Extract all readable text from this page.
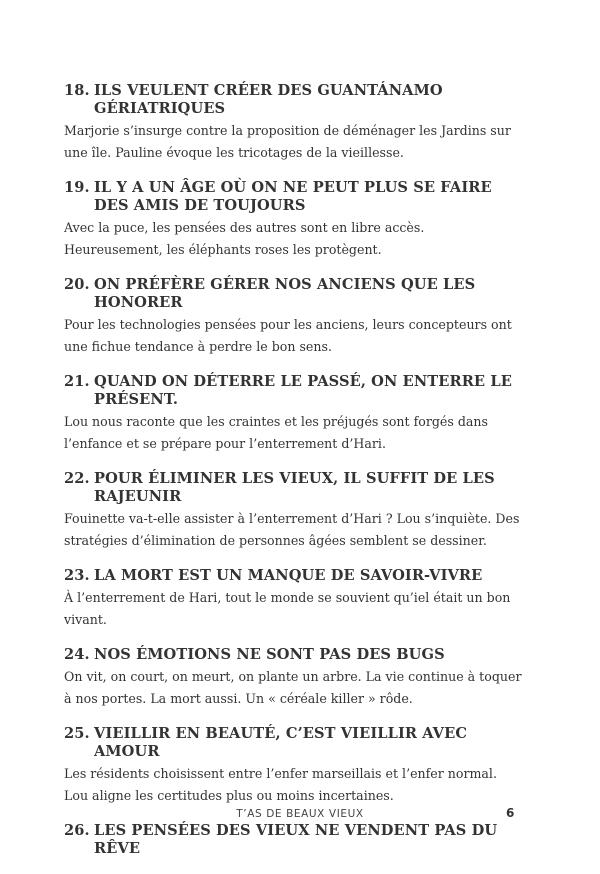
18. ILS VEULENT CRÉER DES GUANTÁNAMO GÉRIATRIQUES
Marjorie s’insurge contre la proposition de déménager les Jardins sur une île. Pauline évoque les tricotages de la vieillesse.
19. IL Y A UN ÂGE OÙ ON NE PEUT PLUS SE FAIRE DES AMIS DE TOUJOURS
Avec la puce, les pensées des autres sont en libre accès. Heureusement, les éléphants roses les protègent.
20. ON PRÉFÈRE GÉRER NOS ANCIENS QUE LES HONORER
Pour les technologies pensées pour les anciens, leurs concepteurs ont une fichue tendance à perdre le bon sens.
21. QUAND ON DÉTERRE LE PASSÉ, ON ENTERRE LE PRÉSENT.
Lou nous raconte que les craintes et les préjugés sont forgés dans l’enfance et se prépare pour l’enterrement d’Hari.
22. POUR ÉLIMINER LES VIEUX, IL SUFFIT DE LES RAJEUNIR
Fouinette va-t-elle assister à l’enterrement d’Hari ? Lou s’inquiète. Des stratégies d’élimination de personnes âgées semblent se dessiner.
23. LA MORT EST UN MANQUE DE SAVOIR-VIVRE
À l’enterrement de Hari, tout le monde se souvient qu’iel était un bon vivant.
24. NOS ÉMOTIONS NE SONT PAS DES BUGS
On vit, on court, on meurt, on plante un arbre. La vie continue à toquer à nos portes. La mort aussi. Un « céréale killer » rôde.
25. VIEILLIR EN BEAUTÉ, C’EST VIEILLIR AVEC AMOUR
Les résidents choisissent entre l’enfer marseillais et l’enfer normal. Lou aligne les certitudes plus ou moins incertaines.
26. LES PENSÉES DES VIEUX NE VENDENT PAS DU RÊVE
T’AS DE BEAUX VIEUX	6
